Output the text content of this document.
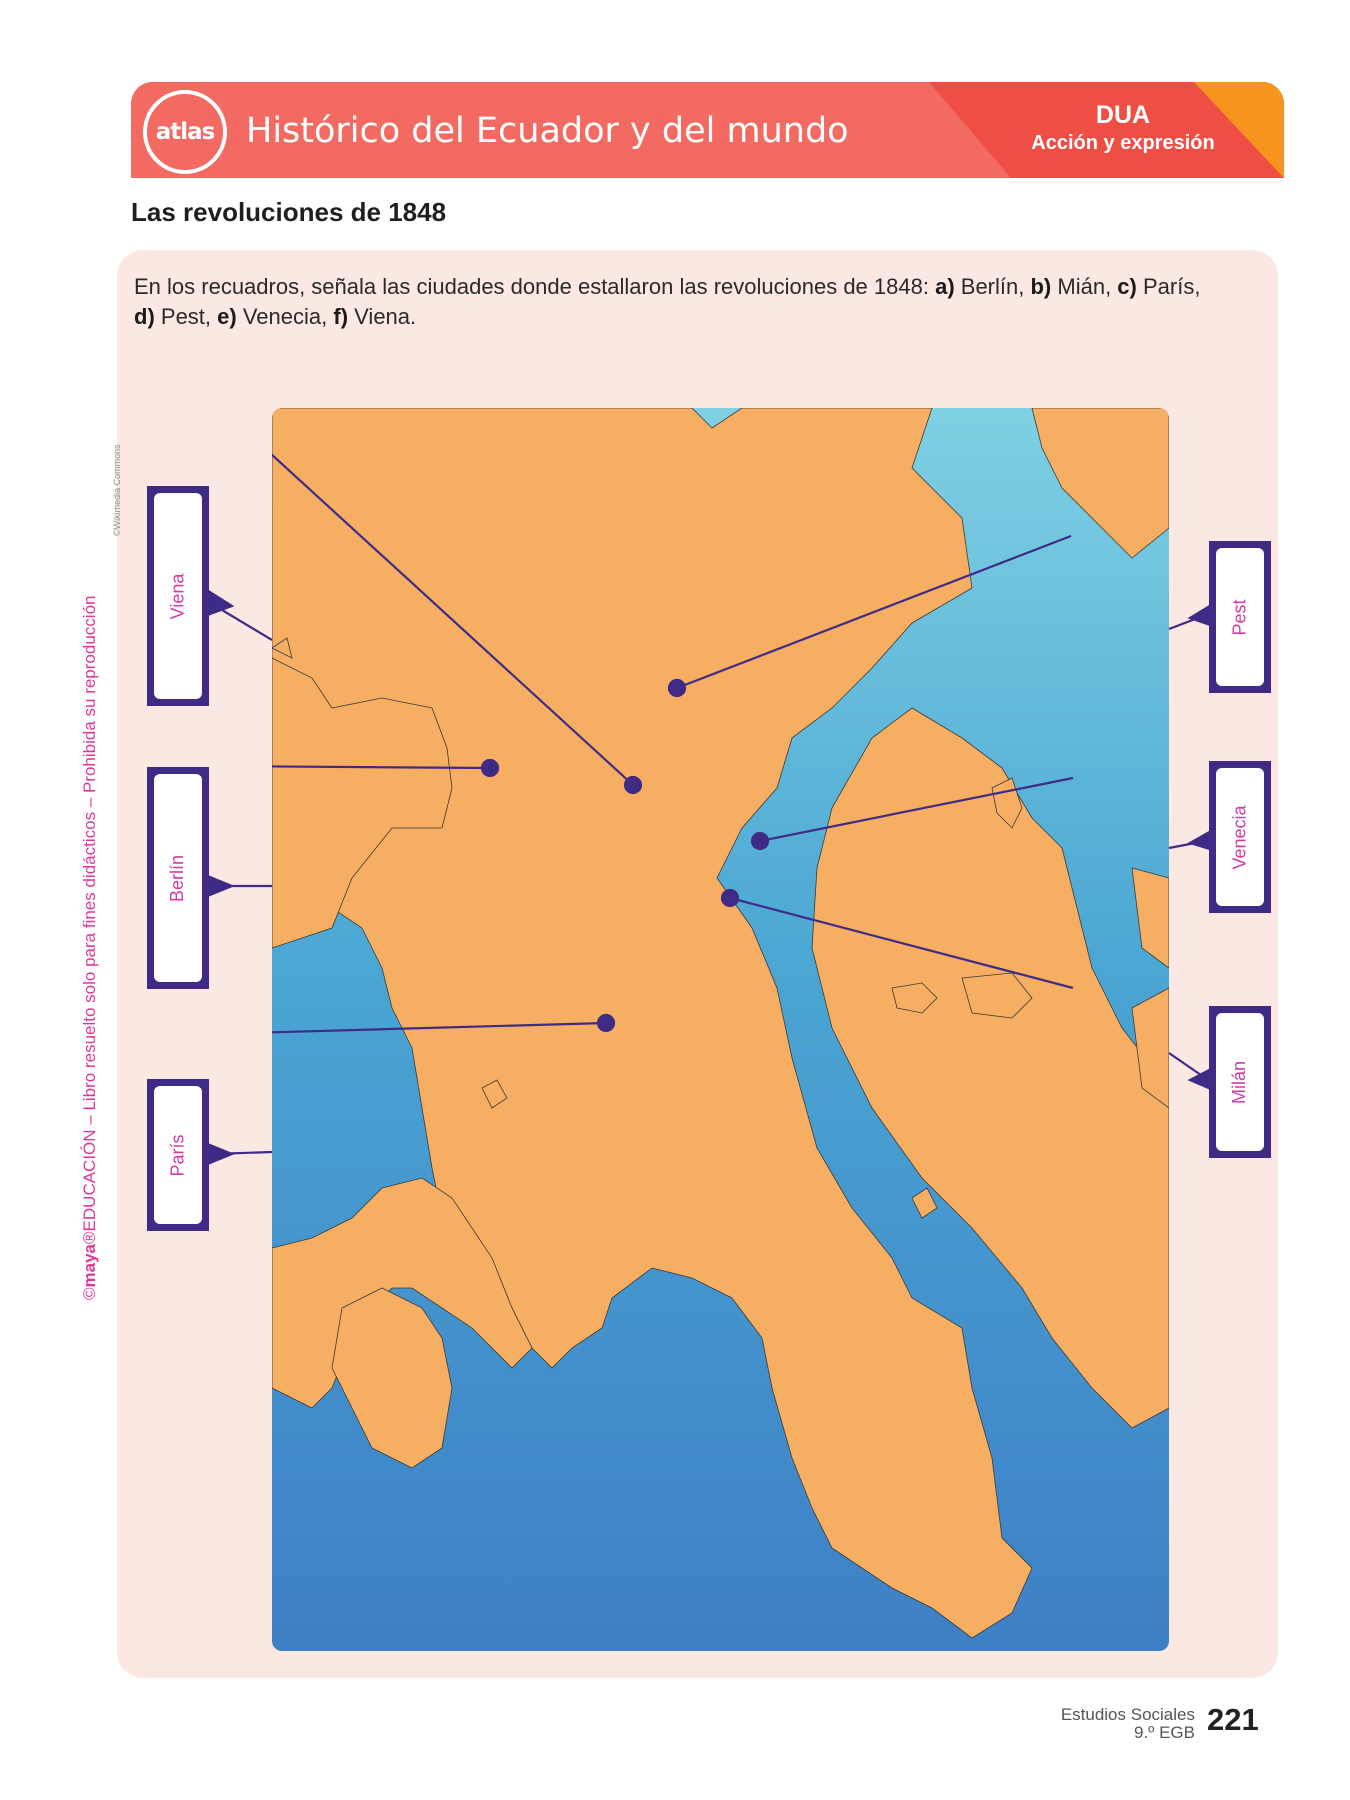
atlas Histórico del Ecuador y del mundo	DUA
Acción y expresión
Las revoluciones de 1848
En los recuadros, señala las ciudades donde estallaron las revoluciones de 1848: a) Berlín, b) Mián, c) París,
d) Pest, e) Venecia, f) Viena.
Viena
Berlín
París
Pest
Venecia
Milán
©maya®EDUCACIÓN – Libro resuelto solo para fines didácticos – Prohibida su reproducción
©Wikimedia Commons
Estudios Sociales
9.º EGB 221
